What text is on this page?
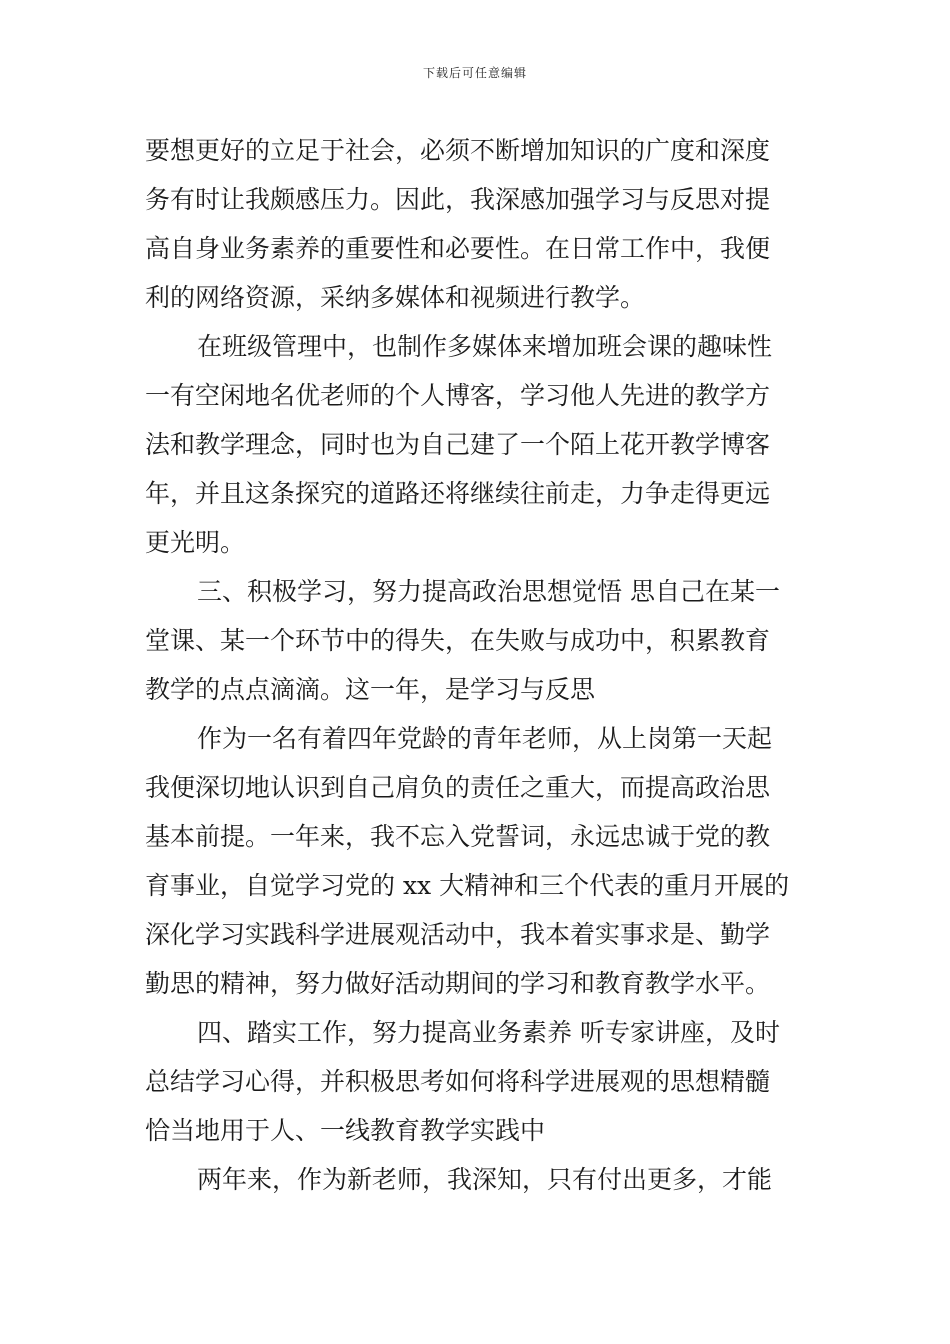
下载后可任意编辑
要想更好的立足于社会，必须不断增加知识的广度和深度
务有时让我颇感压力。因此，我深感加强学习与反思对提
高自身业务素养的重要性和必要性。在日常工作中，我便
利的网络资源，采纳多媒体和视频进行教学。
在班级管理中，也制作多媒体来增加班会课的趣味性
一有空闲地名优老师的个人博客，学习他人先进的教学方
法和教学理念，同时也为自己建了一个陌上花开教学博客
年，并且这条探究的道路还将继续往前走，力争走得更远
更光明。
三、积极学习，努力提高政治思想觉悟 思自己在某一
堂课、某一个环节中的得失，在失败与成功中，积累教育
教学的点点滴滴。这一年，是学习与反思
作为一名有着四年党龄的青年老师，从上岗第一天起
我便深切地认识到自己肩负的责任之重大，而提高政治思
基本前提。一年来，我不忘入党誓词，永远忠诚于党的教
育事业，自觉学习党的 xx 大精神和三个代表的重月开展的
深化学习实践科学进展观活动中，我本着实事求是、勤学
勤思的精神，努力做好活动期间的学习和教育教学水平。
四、踏实工作，努力提高业务素养 听专家讲座，及时
总结学习心得，并积极思考如何将科学进展观的思想精髓
恰当地用于人、一线教育教学实践中
两年来，作为新老师，我深知，只有付出更多，才能
